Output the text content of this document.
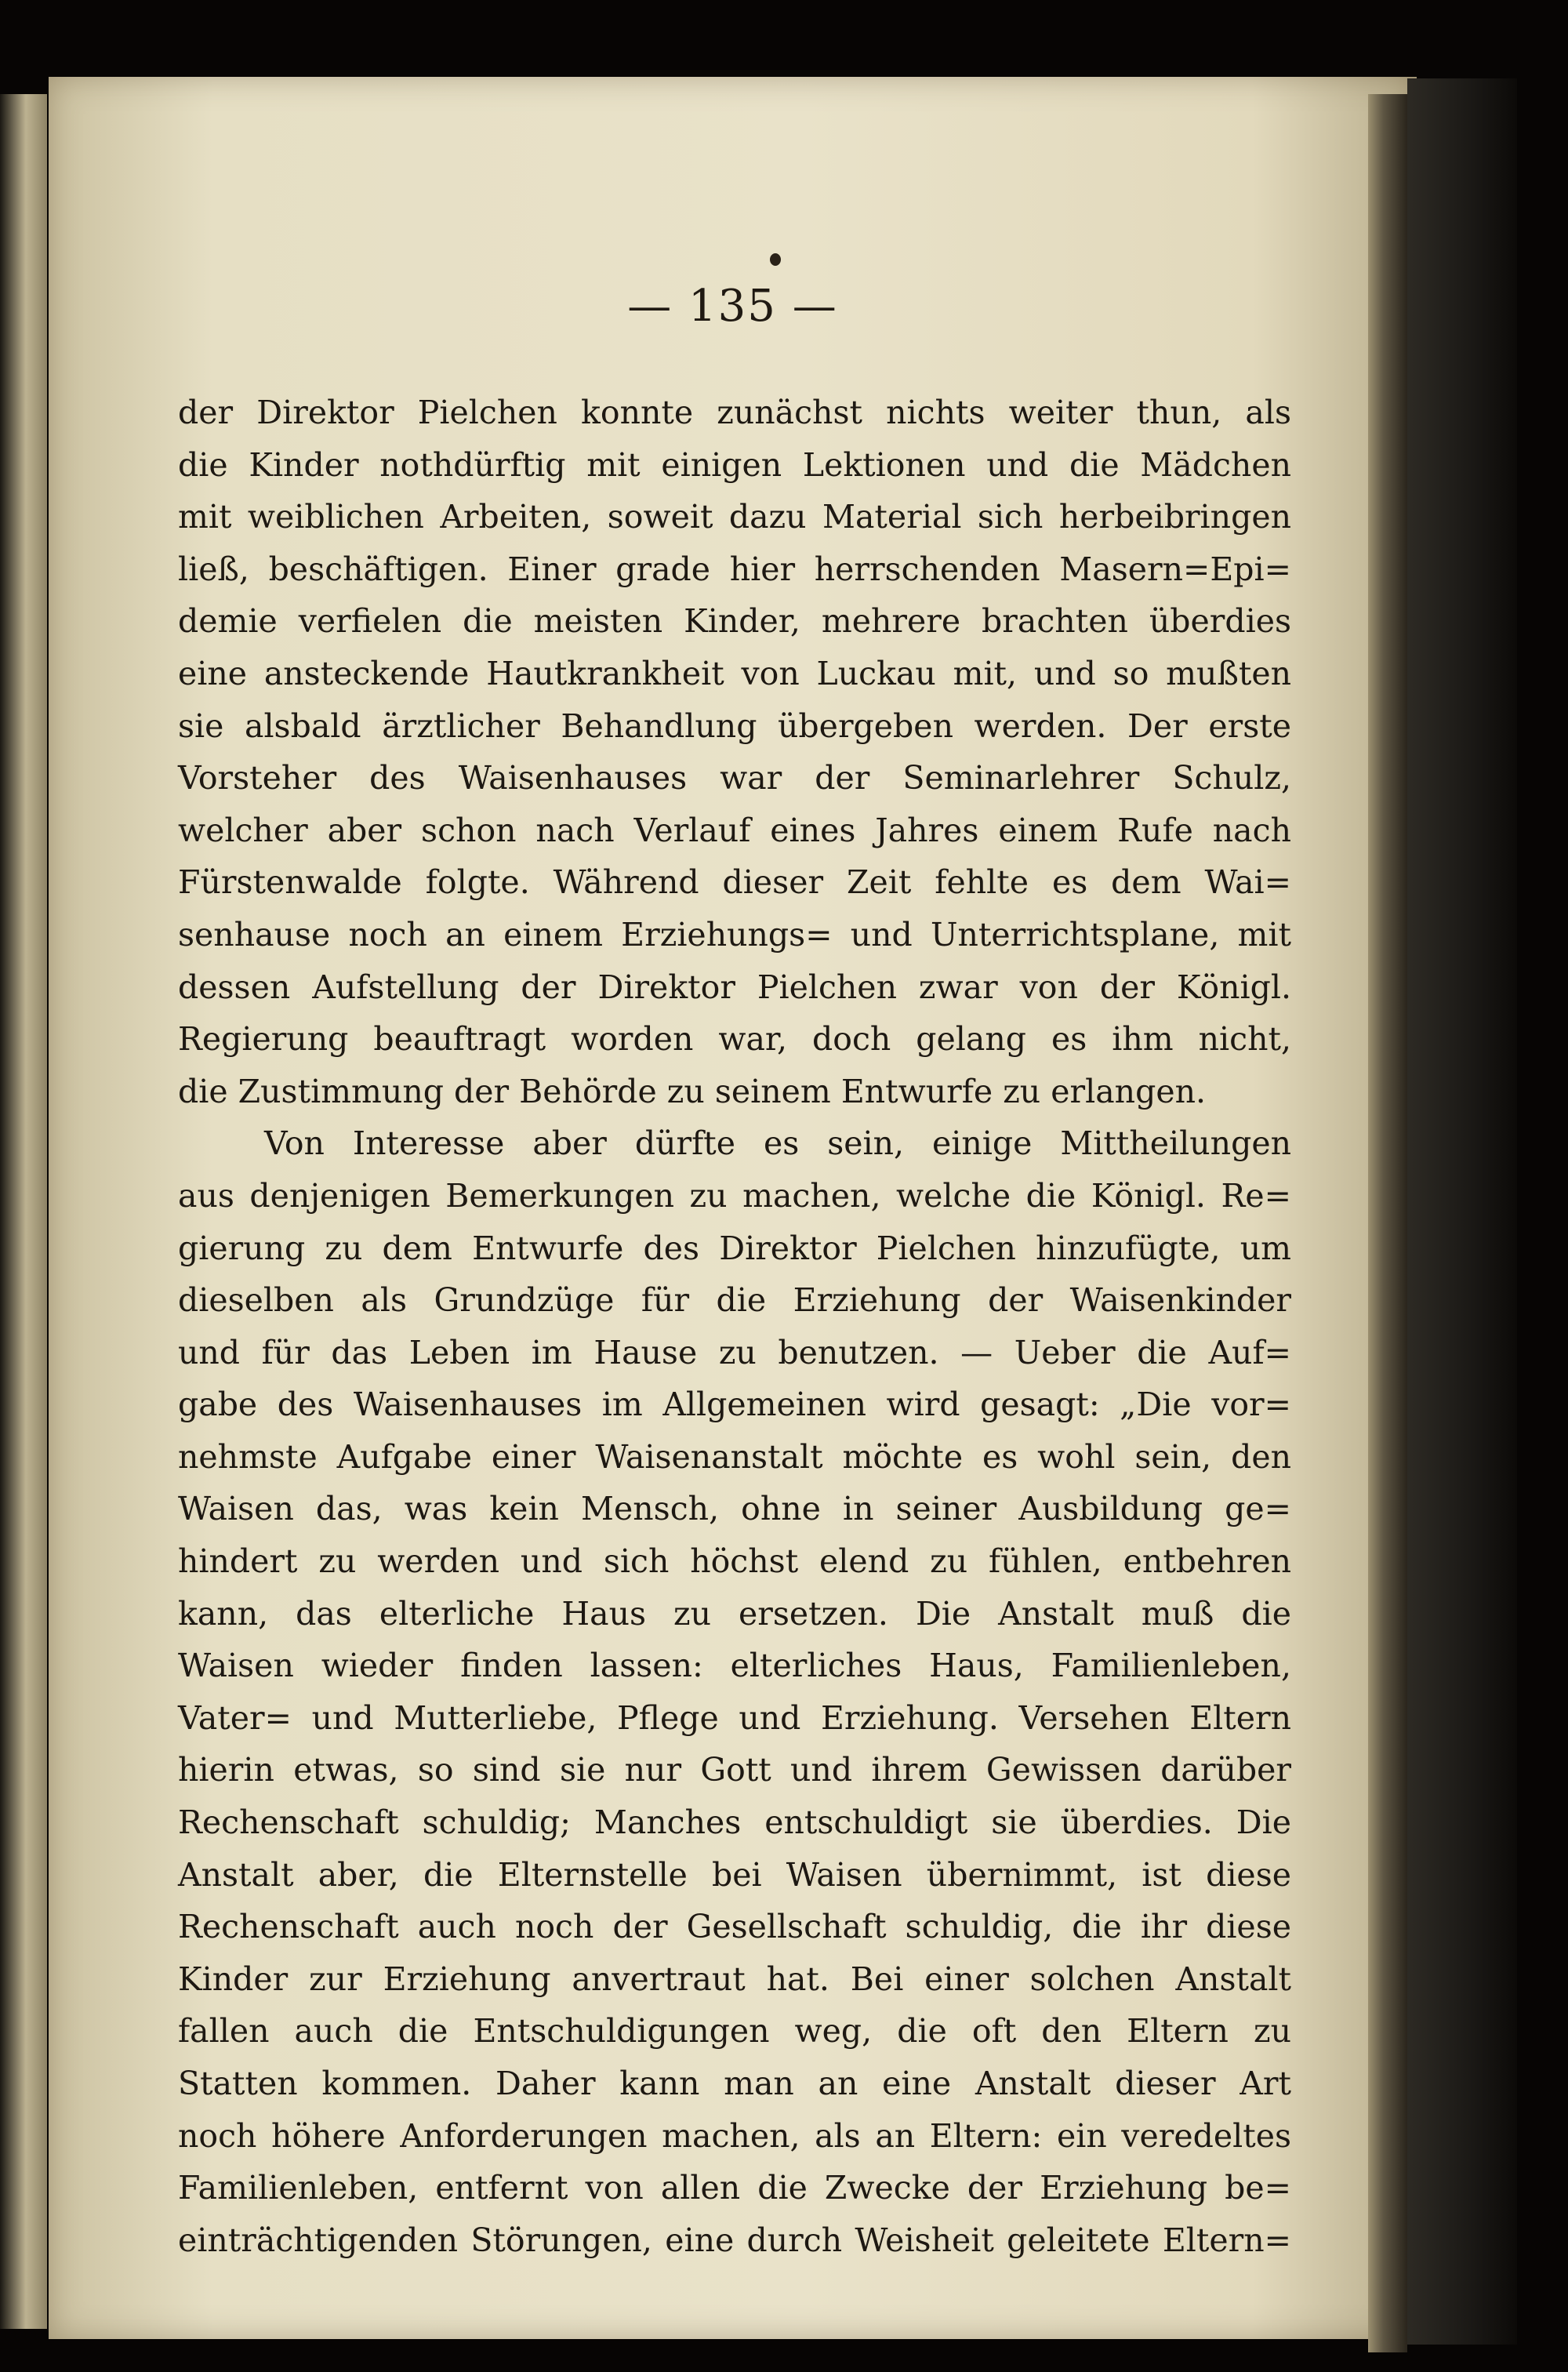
— 135 —
der Direktor Pielchen konnte zunächst nichts weiter thun, als
die Kinder nothdürftig mit einigen Lektionen und die Mädchen
mit weiblichen Arbeiten, soweit dazu Material sich herbeibringen
ließ, beschäftigen. Einer grade hier herrschenden Masern=Epi=
demie verfielen die meisten Kinder, mehrere brachten überdies
eine ansteckende Hautkrankheit von Luckau mit, und so mußten
sie alsbald ärztlicher Behandlung übergeben werden. Der erste
Vorsteher des Waisenhauses war der Seminarlehrer Schulz,
welcher aber schon nach Verlauf eines Jahres einem Rufe nach
Fürstenwalde folgte. Während dieser Zeit fehlte es dem Wai=
senhause noch an einem Erziehungs= und Unterrichtsplane, mit
dessen Aufstellung der Direktor Pielchen zwar von der Königl.
Regierung beauftragt worden war, doch gelang es ihm nicht,
die Zustimmung der Behörde zu seinem Entwurfe zu erlangen.
Von Interesse aber dürfte es sein, einige Mittheilungen
aus denjenigen Bemerkungen zu machen, welche die Königl. Re=
gierung zu dem Entwurfe des Direktor Pielchen hinzufügte, um
dieselben als Grundzüge für die Erziehung der Waisenkinder
und für das Leben im Hause zu benutzen. — Ueber die Auf=
gabe des Waisenhauses im Allgemeinen wird gesagt: „Die vor=
nehmste Aufgabe einer Waisenanstalt möchte es wohl sein, den
Waisen das, was kein Mensch, ohne in seiner Ausbildung ge=
hindert zu werden und sich höchst elend zu fühlen, entbehren
kann, das elterliche Haus zu ersetzen. Die Anstalt muß die
Waisen wieder finden lassen: elterliches Haus, Familienleben,
Vater= und Mutterliebe, Pflege und Erziehung. Versehen Eltern
hierin etwas, so sind sie nur Gott und ihrem Gewissen darüber
Rechenschaft schuldig; Manches entschuldigt sie überdies. Die
Anstalt aber, die Elternstelle bei Waisen übernimmt, ist diese
Rechenschaft auch noch der Gesellschaft schuldig, die ihr diese
Kinder zur Erziehung anvertraut hat. Bei einer solchen Anstalt
fallen auch die Entschuldigungen weg, die oft den Eltern zu
Statten kommen. Daher kann man an eine Anstalt dieser Art
noch höhere Anforderungen machen, als an Eltern: ein veredeltes
Familienleben, entfernt von allen die Zwecke der Erziehung be=
einträchtigenden Störungen, eine durch Weisheit geleitete Eltern=
